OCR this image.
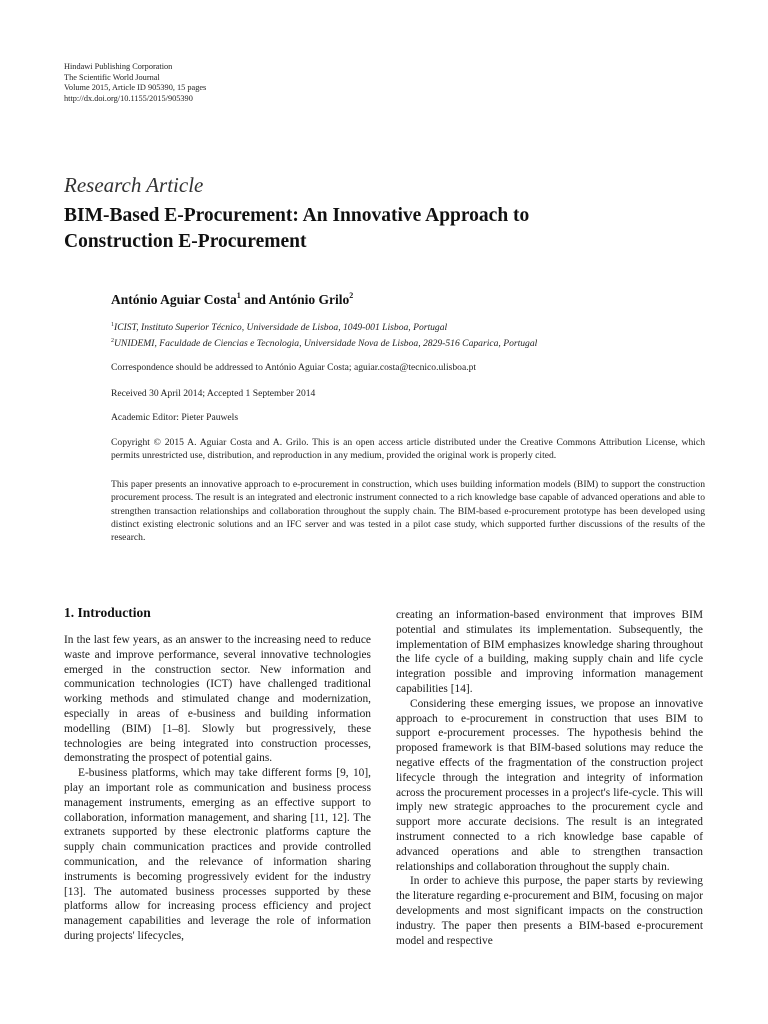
Hindawi Publishing Corporation
The Scientific World Journal
Volume 2015, Article ID 905390, 15 pages
http://dx.doi.org/10.1155/2015/905390
Research Article
BIM-Based E-Procurement: An Innovative Approach to
Construction E-Procurement
António Aguiar Costa$^1$ and António Grilo$^2$
$^1$ICIST, Instituto Superior Técnico, Universidade de Lisboa, 1049-001 Lisboa, Portugal
$^2$UNIDEMI, Faculdade de Ciencias e Tecnologia, Universidade Nova de Lisboa, 2829-516 Caparica, Portugal
Correspondence should be addressed to António Aguiar Costa; aguiar.costa@tecnico.ulisboa.pt
Received 30 April 2014; Accepted 1 September 2014
Academic Editor: Pieter Pauwels
Copyright © 2015 A. Aguiar Costa and A. Grilo. This is an open access article distributed under the Creative Commons Attribution License, which permits unrestricted use, distribution, and reproduction in any medium, provided the original work is properly cited.
This paper presents an innovative approach to e-procurement in construction, which uses building information models (BIM) to support the construction procurement process. The result is an integrated and electronic instrument connected to a rich knowledge base capable of advanced operations and able to strengthen transaction relationships and collaboration throughout the supply chain. The BIM-based e-procurement prototype has been developed using distinct existing electronic solutions and an IFC server and was tested in a pilot case study, which supported further discussions of the results of the research.
1. Introduction

In the last few years, as an answer to the increasing need to reduce waste and improve performance, several innovative technologies emerged in the construction sector. New information and communication technologies (ICT) have challenged traditional working methods and stimulated change and modernization, especially in areas of e-business and building information modelling (BIM) [1–8]. Slowly but progressively, these technologies are being integrated into construction processes, demonstrating the prospect of potential gains.

E-business platforms, which may take different forms [9, 10], play an important role as communication and business process management instruments, emerging as an effective support to collaboration, information management, and sharing [11, 12]. The extranets supported by these electronic platforms capture the supply chain communication practices and provide controlled communication, and the relevance of information sharing instruments is becoming progressively evident for the industry [13]. The automated business processes supported by these platforms allow for increasing process efficiency and project management capabilities and leverage the role of information during projects' lifecycles,

creating an information-based environment that improves BIM potential and stimulates its implementation. Subsequently, the implementation of BIM emphasizes knowledge sharing throughout the life cycle of a building, making supply chain and life cycle integration possible and improving information management capabilities [14].

Considering these emerging issues, we propose an innovative approach to e-procurement in construction that uses BIM to support e-procurement processes. The hypothesis behind the proposed framework is that BIM-based solutions may reduce the negative effects of the fragmentation of the construction project lifecycle through the integration and integrity of information across the procurement processes in a project's life-cycle. This will imply new strategic approaches to the procurement cycle and support more accurate decisions. The result is an integrated instrument connected to a rich knowledge base capable of advanced operations and able to strengthen transaction relationships and collaboration throughout the supply chain.

In order to achieve this purpose, the paper starts by reviewing the literature regarding e-procurement and BIM, focusing on major developments and most significant impacts on the construction industry. The paper then presents a BIM-based e-procurement model and respective
